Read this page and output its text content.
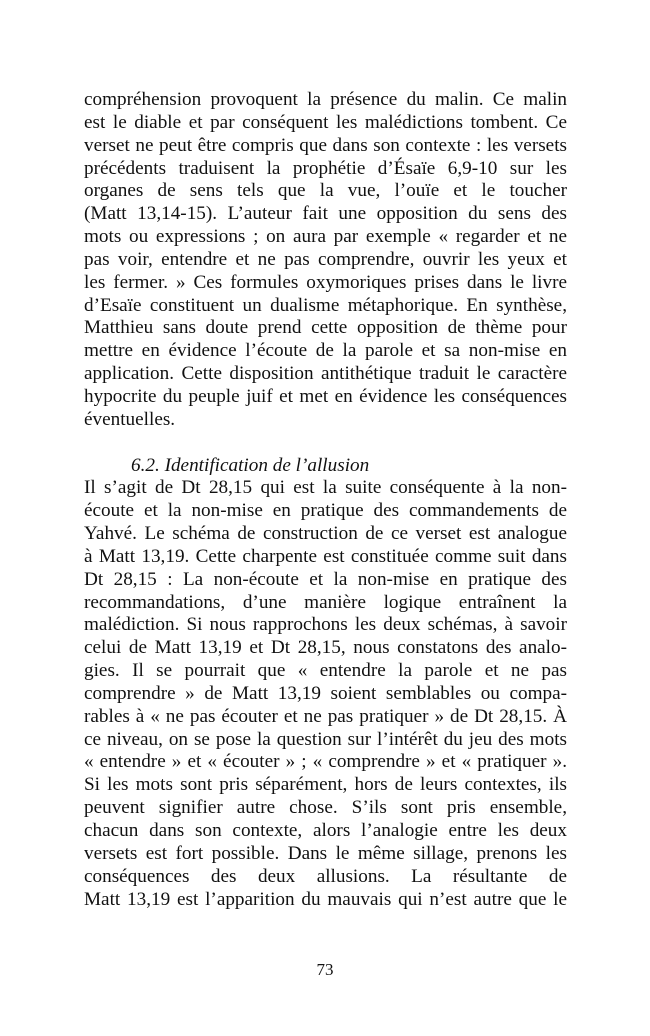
compréhension provoquent la présence du malin. Ce malin
est le diable et par conséquent les malédictions tombent. Ce
verset ne peut être compris que dans son contexte : les versets
précédents traduisent la prophétie d’Ésaïe 6,9-10 sur les
organes de sens tels que la vue, l’ouïe et le toucher
(Matt 13,14-15). L’auteur fait une opposition du sens des
mots ou expressions ; on aura par exemple « regarder et ne
pas voir, entendre et ne pas comprendre, ouvrir les yeux et
les fermer. » Ces formules oxymoriques prises dans le livre
d’Esaïe constituent un dualisme métaphorique. En synthèse,
Matthieu sans doute prend cette opposition de thème pour
mettre en évidence l’écoute de la parole et sa non-mise en
application. Cette disposition antithétique traduit le caractère
hypocrite du peuple juif et met en évidence les conséquences
éventuelles.
6.2. Identification de l’allusion
Il s’agit de Dt 28,15 qui est la suite conséquente à la non-
écoute et la non-mise en pratique des commandements de
Yahvé. Le schéma de construction de ce verset est analogue
à Matt 13,19. Cette charpente est constituée comme suit dans
Dt 28,15 : La non-écoute et la non-mise en pratique des
recommandations, d’une manière logique entraînent la
malédiction. Si nous rapprochons les deux schémas, à savoir
celui de Matt 13,19 et Dt 28,15, nous constatons des analo-
gies. Il se pourrait que « entendre la parole et ne pas
comprendre » de Matt 13,19 soient semblables ou compa-
rables à « ne pas écouter et ne pas pratiquer » de Dt 28,15. À
ce niveau, on se pose la question sur l’intérêt du jeu des mots
« entendre » et « écouter » ; « comprendre » et « pratiquer ».
Si les mots sont pris séparément, hors de leurs contextes, ils
peuvent signifier autre chose. S’ils sont pris ensemble,
chacun dans son contexte, alors l’analogie entre les deux
versets est fort possible. Dans le même sillage, prenons les
conséquences des deux allusions. La résultante de
Matt 13,19 est l’apparition du mauvais qui n’est autre que le
73
